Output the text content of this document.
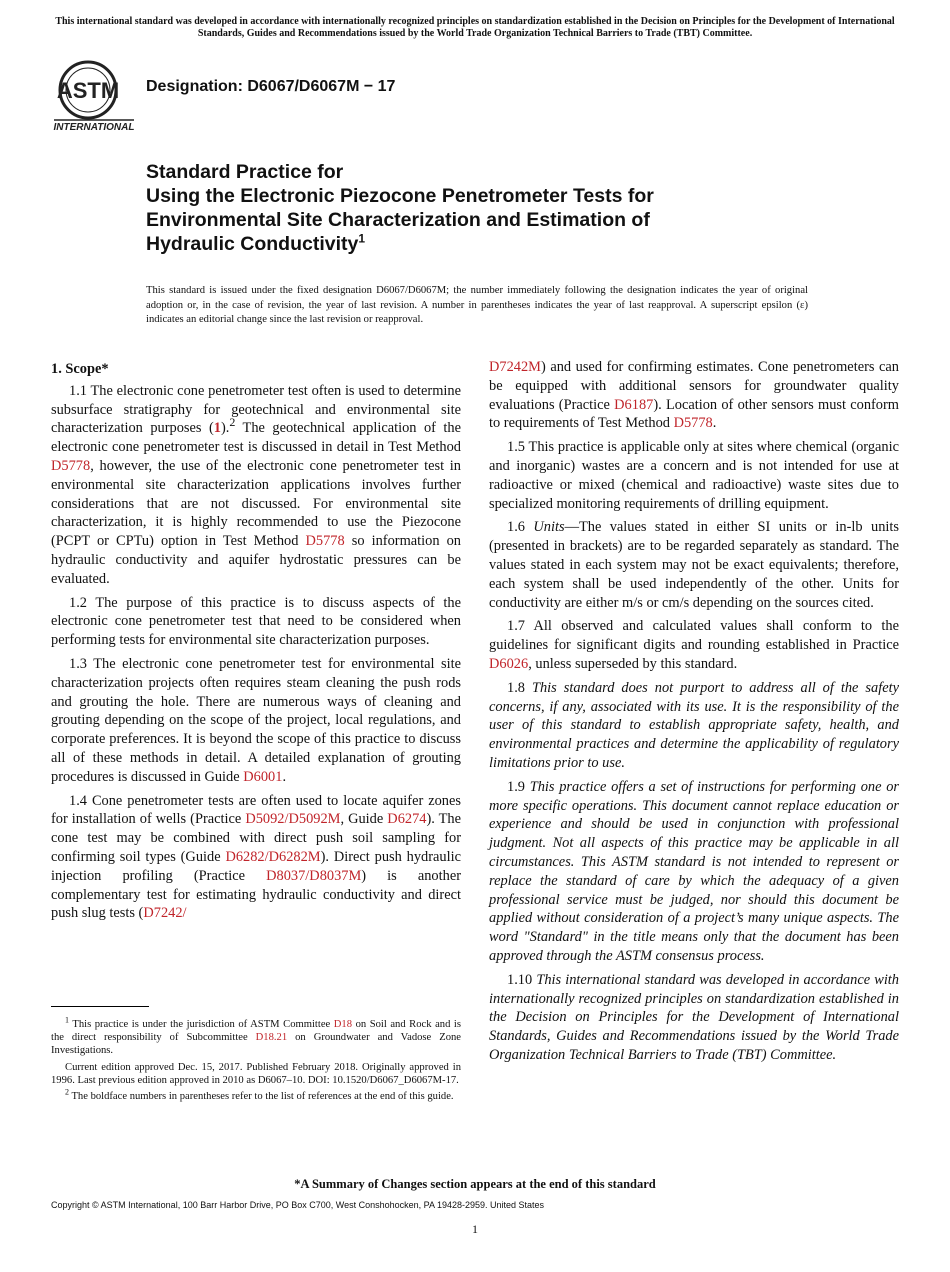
This international standard was developed in accordance with internationally recognized principles on standardization established in the Decision on Principles for the Development of International Standards, Guides and Recommendations issued by the World Trade Organization Technical Barriers to Trade (TBT) Committee.
ASTM
INTERNATIONAL
Designation: D6067/D6067M − 17
Standard Practice for
Using the Electronic Piezocone Penetrometer Tests for
Environmental Site Characterization and Estimation of
Hydraulic Conductivity$^1$
This standard is issued under the fixed designation D6067/D6067M; the number immediately following the designation indicates the year of original adoption or, in the case of revision, the year of last revision. A number in parentheses indicates the year of last reapproval. A superscript epsilon (ε) indicates an editorial change since the last revision or reapproval.
1. Scope*

1.1 The electronic cone penetrometer test often is used to determine subsurface stratigraphy for geotechnical and environmental site characterization purposes (1).$^2$ The geotechnical application of the electronic cone penetrometer test is discussed in detail in Test Method D5778, however, the use of the electronic cone penetrometer test in environmental site characterization applications involves further considerations that are not discussed. For environmental site characterization, it is highly recommended to use the Piezocone (PCPT or CPTu) option in Test Method D5778 so information on hydraulic conductivity and aquifer hydrostatic pressures can be evaluated.

1.2 The purpose of this practice is to discuss aspects of the electronic cone penetrometer test that need to be considered when performing tests for environmental site characterization purposes.

1.3 The electronic cone penetrometer test for environmental site characterization projects often requires steam cleaning the push rods and grouting the hole. There are numerous ways of cleaning and grouting depending on the scope of the project, local regulations, and corporate preferences. It is beyond the scope of this practice to discuss all of these methods in detail. A detailed explanation of grouting procedures is discussed in Guide D6001.

1.4 Cone penetrometer tests are often used to locate aquifer zones for installation of wells (Practice D5092/D5092M, Guide D6274). The cone test may be combined with direct push soil sampling for confirming soil types (Guide D6282/D6282M). Direct push hydraulic injection profiling (Practice D8037/D8037M) is another complementary test for estimating hydraulic conductivity and direct push slug tests (D7242/

D7242M) and used for confirming estimates. Cone penetrometers can be equipped with additional sensors for groundwater quality evaluations (Practice D6187). Location of other sensors must conform to requirements of Test Method D5778.

1.5 This practice is applicable only at sites where chemical (organic and inorganic) wastes are a concern and is not intended for use at radioactive or mixed (chemical and radioactive) waste sites due to specialized monitoring requirements of drilling equipment.

1.6 Units—The values stated in either SI units or in-lb units (presented in brackets) are to be regarded separately as standard. The values stated in each system may not be exact equivalents; therefore, each system shall be used independently of the other. Units for conductivity are either m/s or cm/s depending on the sources cited.

1.7 All observed and calculated values shall conform to the guidelines for significant digits and rounding established in Practice D6026, unless superseded by this standard.

1.8 This standard does not purport to address all of the safety concerns, if any, associated with its use. It is the responsibility of the user of this standard to establish appropriate safety, health, and environmental practices and determine the applicability of regulatory limitations prior to use.

1.9 This practice offers a set of instructions for performing one or more specific operations. This document cannot replace education or experience and should be used in conjunction with professional judgment. Not all aspects of this practice may be applicable in all circumstances. This ASTM standard is not intended to represent or replace the standard of care by which the adequacy of a given professional service must be judged, nor should this document be applied without consideration of a project’s many unique aspects. The word "Standard" in the title means only that the document has been approved through the ASTM consensus process.

1.10 This international standard was developed in accordance with internationally recognized principles on standardization established in the Decision on Principles for the Development of International Standards, Guides and Recommendations issued by the World Trade Organization Technical Barriers to Trade (TBT) Committee.

$^1$ This practice is under the jurisdiction of ASTM Committee D18 on Soil and Rock and is the direct responsibility of Subcommittee D18.21 on Groundwater and Vadose Zone Investigations.

Current edition approved Dec. 15, 2017. Published February 2018. Originally approved in 1996. Last previous edition approved in 2010 as D6067–10. DOI: 10.1520/D6067_D6067M-17.

$^2$ The boldface numbers in parentheses refer to the list of references at the end of this guide.

*A Summary of Changes section appears at the end of this standard
Copyright © ASTM International, 100 Barr Harbor Drive, PO Box C700, West Conshohocken, PA 19428-2959. United States
1
